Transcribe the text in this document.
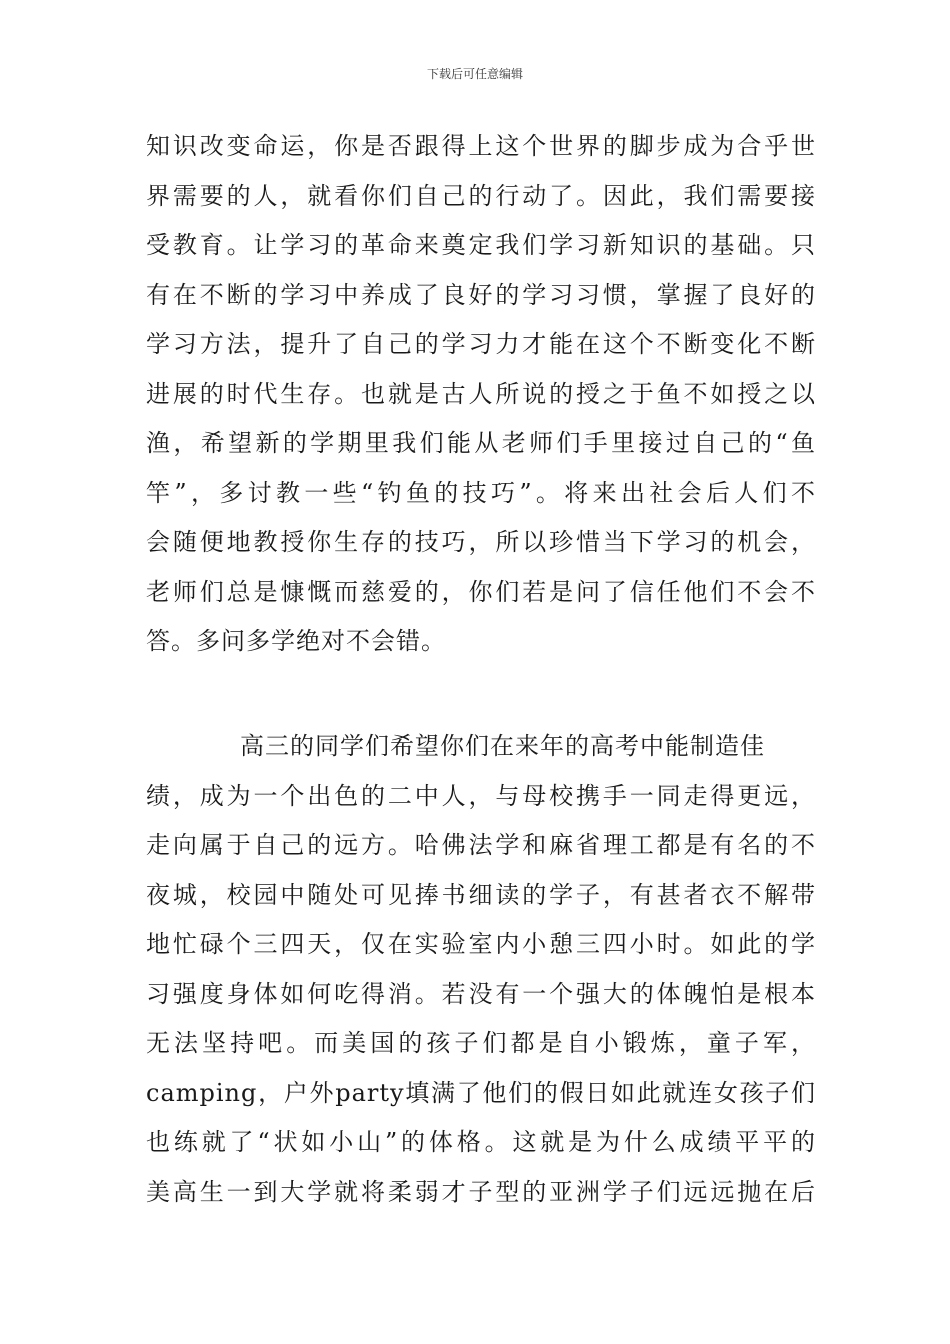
下载后可任意编辑
知识改变命运，你是否跟得上这个世界的脚步成为合乎世
界需要的人，就看你们自己的行动了。因此，我们需要接
受教育。让学习的革命来奠定我们学习新知识的基础。只
有在不断的学习中养成了良好的学习习惯，掌握了良好的
学习方法，提升了自己的学习力才能在这个不断变化不断
进展的时代生存。也就是古人所说的授之于鱼不如授之以
渔，希望新的学期里我们能从老师们手里接过自己的“鱼
竿”，多讨教一些“钓鱼的技巧”。将来出社会后人们不
会随便地教授你生存的技巧，所以珍惜当下学习的机会，
老师们总是慷慨而慈爱的，你们若是问了信任他们不会不
答。多问多学绝对不会错。
高三的同学们希望你们在来年的高考中能制造佳
绩，成为一个出色的二中人，与母校携手一同走得更远，
走向属于自己的远方。哈佛法学和麻省理工都是有名的不
夜城，校园中随处可见捧书细读的学子，有甚者衣不解带
地忙碌个三四天，仅在实验室内小憩三四小时。如此的学
习强度身体如何吃得消。若没有一个强大的体魄怕是根本
无法坚持吧。而美国的孩子们都是自小锻炼，童子军，
camping，户外party填满了他们的假日如此就连女孩子们
也练就了“状如小山”的体格。这就是为什么成绩平平的
美高生一到大学就将柔弱才子型的亚洲学子们远远抛在后
